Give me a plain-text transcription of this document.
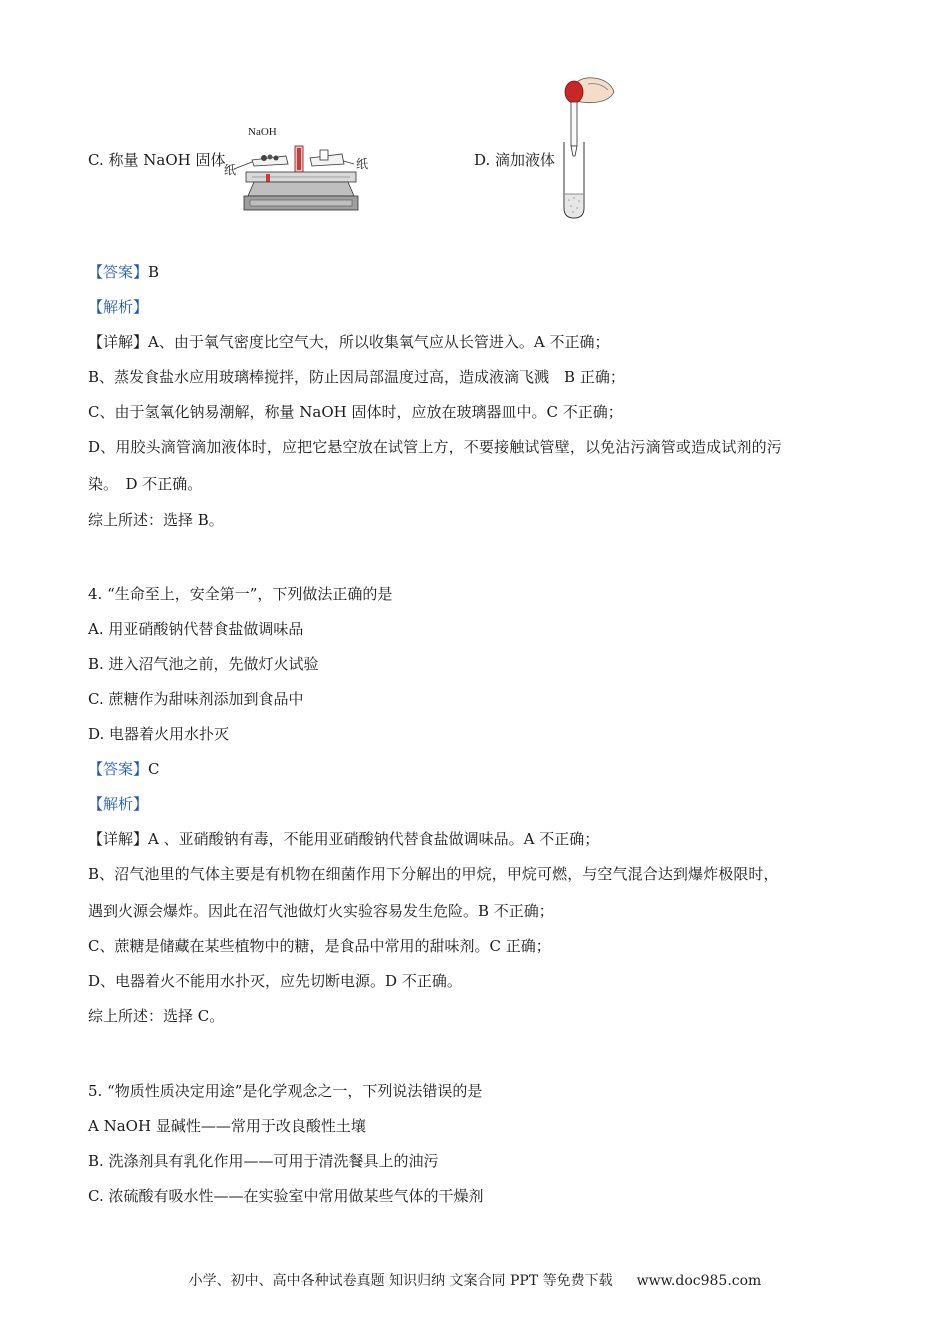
C. 称量 NaOH 固体
NaOH
纸	纸	D. 滴加液体
【答案】B
【解析】
【详解】A、由于氧气密度比空气大，所以收集氧气应从长管进入。A 不正确；
B、蒸发食盐水应用玻璃棒搅拌，防止因局部温度过高，造成液滴飞溅　B 正确；
C、由于氢氧化钠易潮解，称量 NaOH 固体时，应放在玻璃器皿中。C 不正确；
D、用胶头滴管滴加液体时，应把它悬空放在试管上方，不要接触试管壁，以免沾污滴管或造成试剂的污
染。　D 不正确。
综上所述：选择 B。
4. “生命至上，安全第一”，下列做法正确的是
A. 用亚硝酸钠代替食盐做调味品
B. 进入沼气池之前，先做灯火试验
C. 蔗糖作为甜味剂添加到食品中
D. 电器着火用水扑灭
【答案】C
【解析】
【详解】A 、亚硝酸钠有毒，不能用亚硝酸钠代替食盐做调味品。A 不正确；
B、沼气池里的气体主要是有机物在细菌作用下分解出的甲烷，甲烷可燃，与空气混合达到爆炸极限时，
遇到火源会爆炸。因此在沼气池做灯火实验容易发生危险。B 不正确；
C、蔗糖是储藏在某些植物中的糖，是食品中常用的甜味剂。C 正确；
D、电器着火不能用水扑灭，应先切断电源。D 不正确。
综上所述：选择 C。
5. “物质性质决定用途”是化学观念之一，下列说法错误的是
A NaOH 显碱性——常用于改良酸性土壤
B. 洗涤剂具有乳化作用——可用于清洗餐具上的油污
C. 浓硫酸有吸水性——在实验室中常用做某些气体的干燥剂
小学、初中、高中各种试卷真题 知识归纳 文案合同 PPT 等免费下载 www.doc985.com
